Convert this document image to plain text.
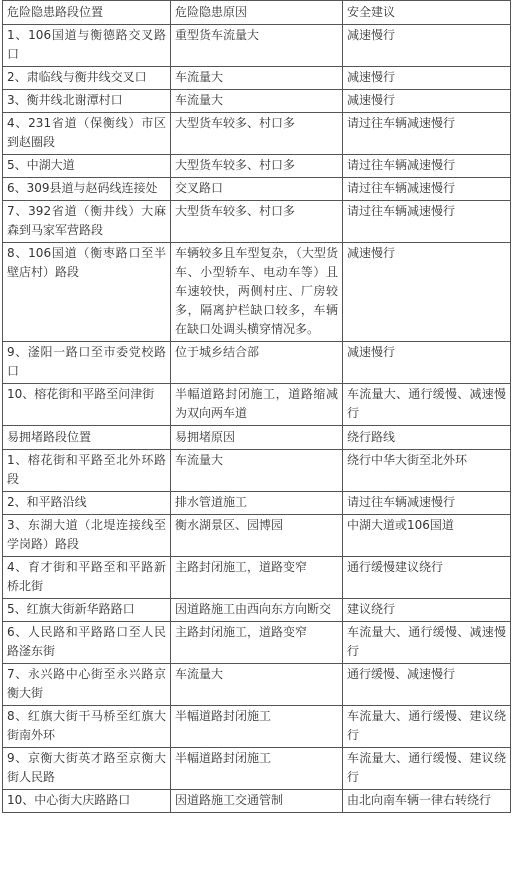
危险隐患路段位置	危险隐患原因	安全建议
1、106国道与衡德路交叉路口	重型货车流量大	减速慢行
2、肃临线与衡井线交叉口	车流量大	减速慢行
3、衡井线北谢潭村口	车流量大	减速慢行
4、231省道（保衡线）市区到赵圈段	大型货车较多、村口多	请过往车辆减速慢行
5、中湖大道	大型货车较多、村口多	请过往车辆减速慢行
6、309县道与赵码线连接处	交叉路口	请过往车辆减速慢行
7、392省道（衡井线）大麻森到马家军营路段	大型货车较多、村口多	请过往车辆减速慢行
8、106国道（衡枣路口至半壁店村）路段	车辆较多且车型复杂，（大型货车、小型轿车、电动车等）且车速较快，两侧村庄、厂房较多，隔离护栏缺口较多，车辆在缺口处调头横穿情况多。	减速慢行
9、滏阳一路口至市委党校路口	位于城乡结合部	减速慢行
10、榕花街和平路至问津街	半幅道路封闭施工，道路缩减为双向两车道	车流量大、通行缓慢、减速慢行
易拥堵路段位置	易拥堵原因	绕行路线
1、榕花街和平路至北外环路段	车流量大	绕行中华大街至北外环
2、和平路沿线	排水管道施工	请过往车辆减速慢行
3、东湖大道（北堤连接线至学岗路）路段	衡水湖景区、园博园	中湖大道或106国道
4、育才街和平路至和平路新桥北街	主路封闭施工，道路变窄	通行缓慢建议绕行
5、红旗大街新华路路口	因道路施工由西向东方向断交	建议绕行
6、人民路和平路路口至人民路滏东街	主路封闭施工，道路变窄	车流量大、通行缓慢、减速慢行
7、永兴路中心街至永兴路京衡大街	车流量大	通行缓慢、减速慢行
8、红旗大街干马桥至红旗大街南外环	半幅道路封闭施工	车流量大、通行缓慢、建议绕行
9、京衡大街英才路至京衡大街人民路	半幅道路封闭施工	车流量大、通行缓慢、建议绕行
10、中心街大庆路路口	因道路施工交通管制	由北向南车辆一律右转绕行
